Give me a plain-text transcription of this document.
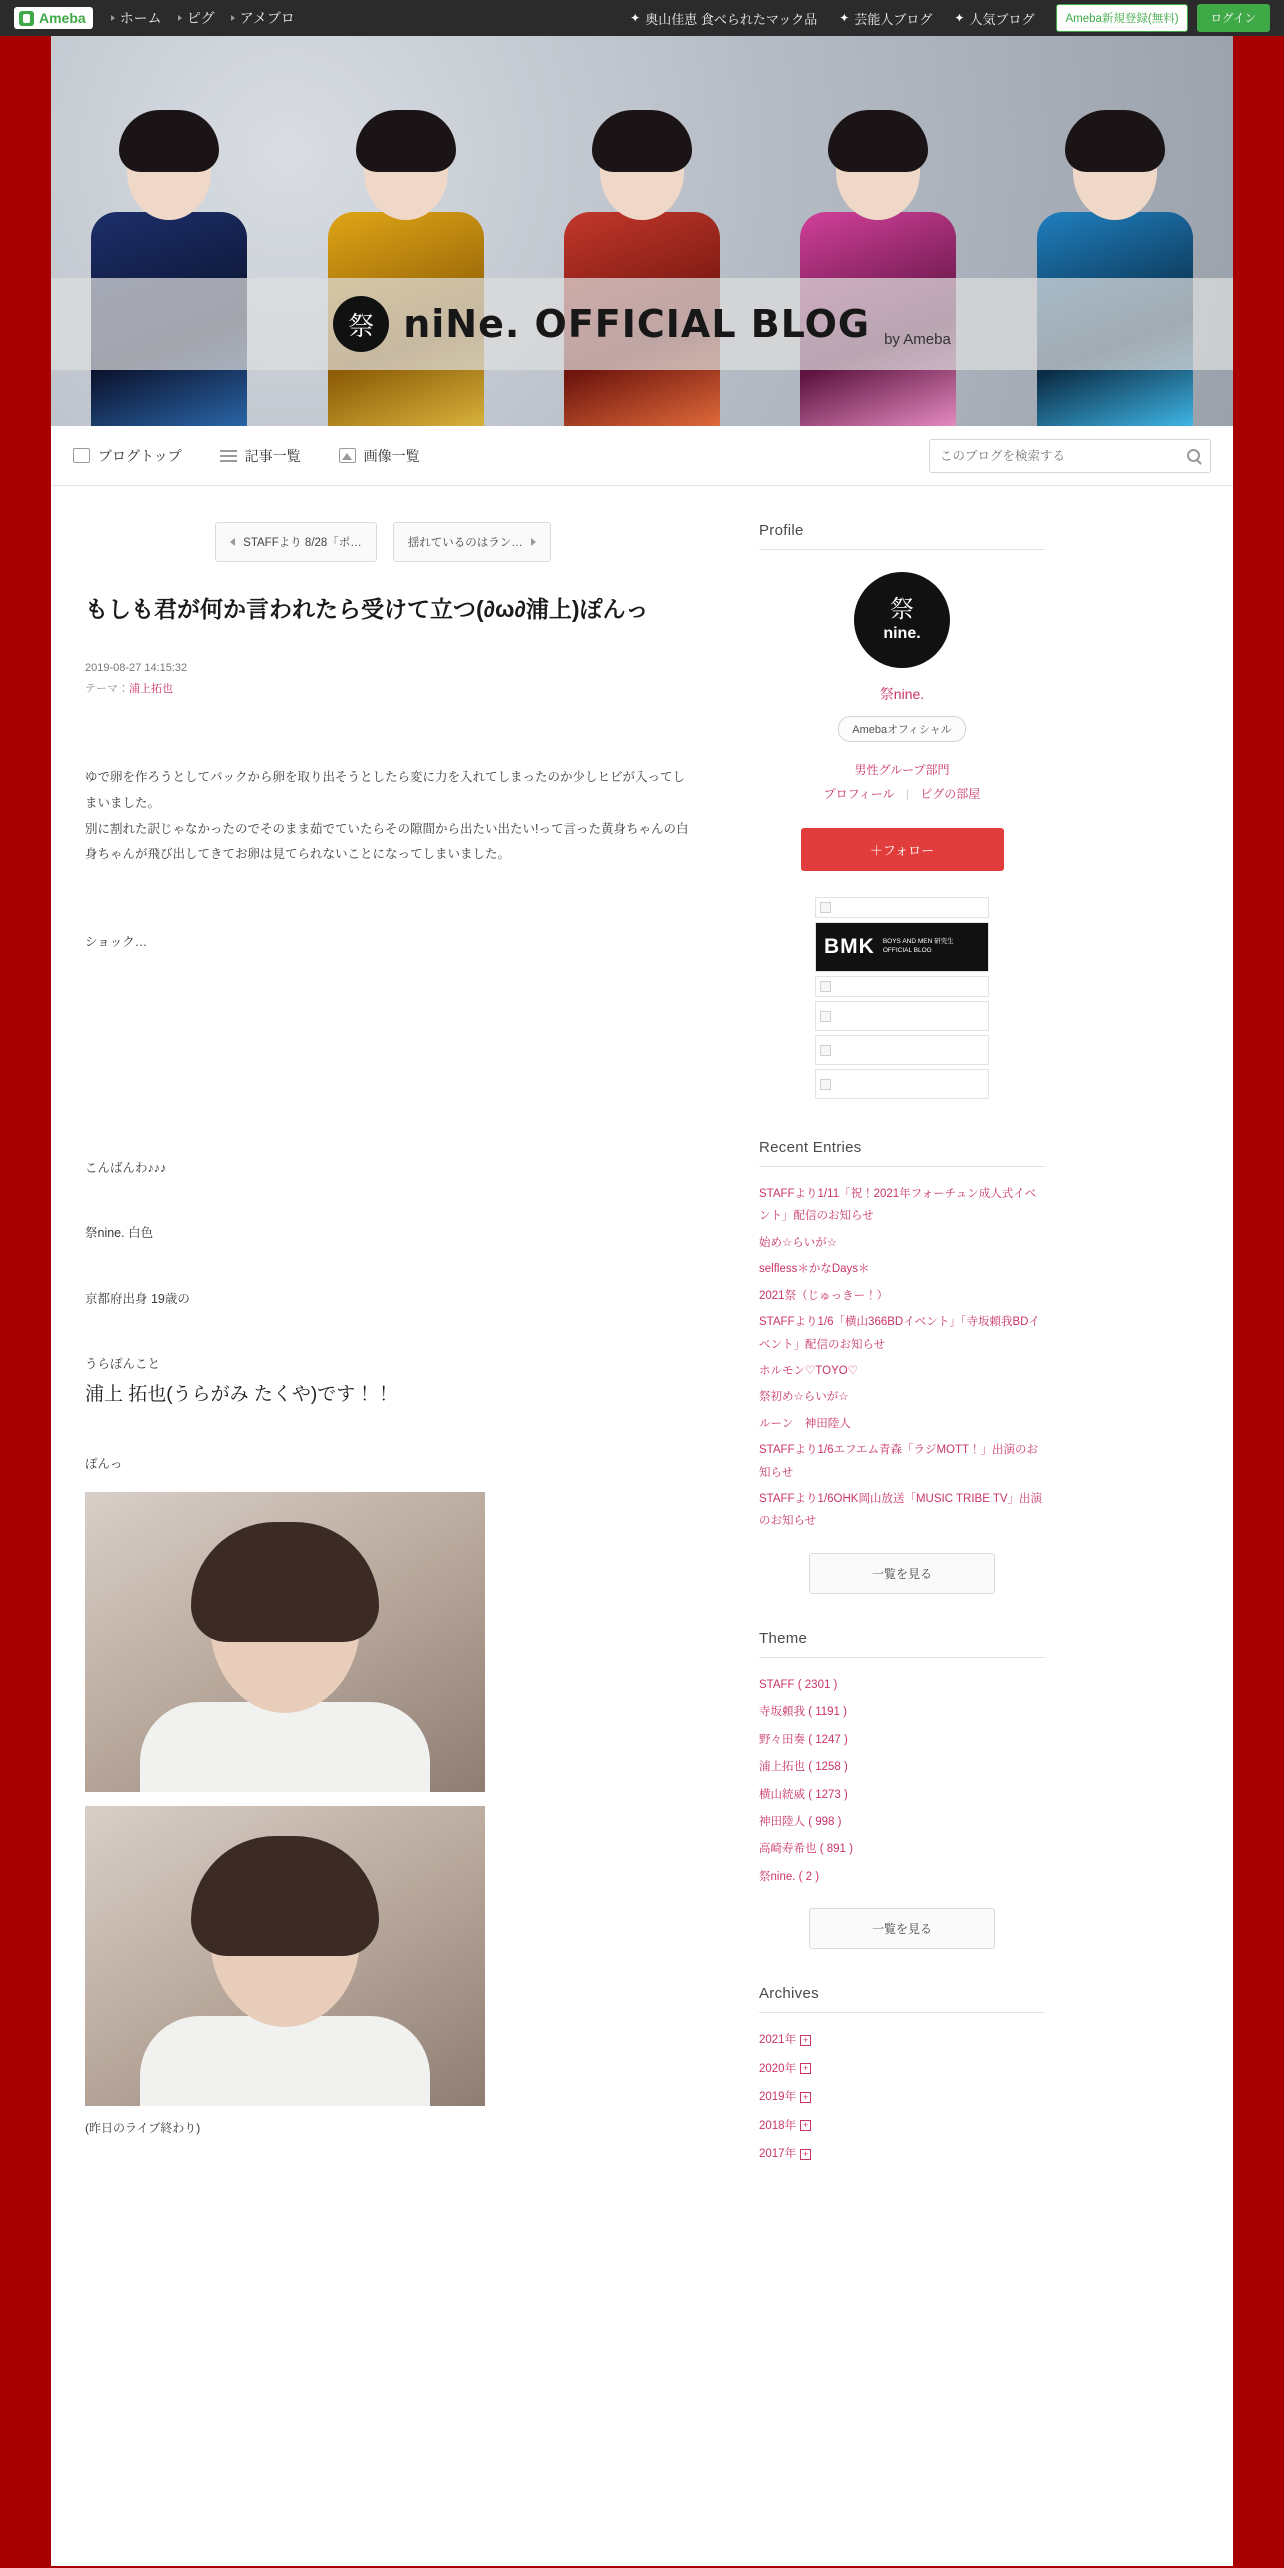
Ameba ホーム ピグ アメブロ	✦ 奥山佳恵 食べられたマック品 ✦ 芸能人ブログ ✦ 人気ブログ	Ameba新規登録(無料)	ログイン
祭 niNe. OFFICIAL BLOG by Ameba
ブログトップ	記事一覧	画像一覧
このブログを検索する
STAFFより 8/28「ポ…	揺れているのはラン…
もしも君が何か言われたら受けて立つ(∂ω∂浦上)ぽんっ
2019-08-27 14:15:32
テーマ：浦上拓也
ゆで卵を作ろうとしてパックから卵を取り出そうとしたら変に力を入れてしまったのか少しヒビが入ってしまいました。
別に割れた訳じゃなかったのでそのまま茹でていたらその隙間から出たい出たい!って言った黄身ちゃんの白身ちゃんが飛び出してきてお卵は見てられないことになってしまいました。
ショック…
こんばんわ♪♪♪
祭nine. 白色
京都府出身 19歳の
うらぽんこと
浦上 拓也(うらがみ たくや)です！！
ぽんっ
(昨日のライブ終わり)
Profile
祭
nine.
祭nine.
Amebaオフィシャル
男性グループ部門
プロフィール | ピグの部屋
＋フォロー
BMK BOYS AND MEN 研究生 OFFICIAL BLOG
Recent Entries
STAFFより1/11「祝！2021年フォーチュン成人式イベント」配信のお知らせ
始め☆らいが☆
selfless＊かなDays＊
2021祭（じゅっきー！）
STAFFより1/6「横山366BDイベント」「寺坂頼我BDイベント」配信のお知らせ
ホルモン♡TOYO♡
祭初め☆らいが☆
ルーン　神田陸人
STAFFより1/6エフエム青森「ラジMOTT！」出演のお知らせ
STAFFより1/6OHK岡山放送「MUSIC TRIBE TV」出演のお知らせ
一覧を見る
Theme
STAFF ( 2301 )
寺坂頼我 ( 1191 )
野々田奏 ( 1247 )
浦上拓也 ( 1258 )
横山統威 ( 1273 )
神田陸人 ( 998 )
高崎寿希也 ( 891 )
祭nine. ( 2 )
一覧を見る
Archives
2021年 +
2020年 +
2019年 +
2018年 +
2017年 +
